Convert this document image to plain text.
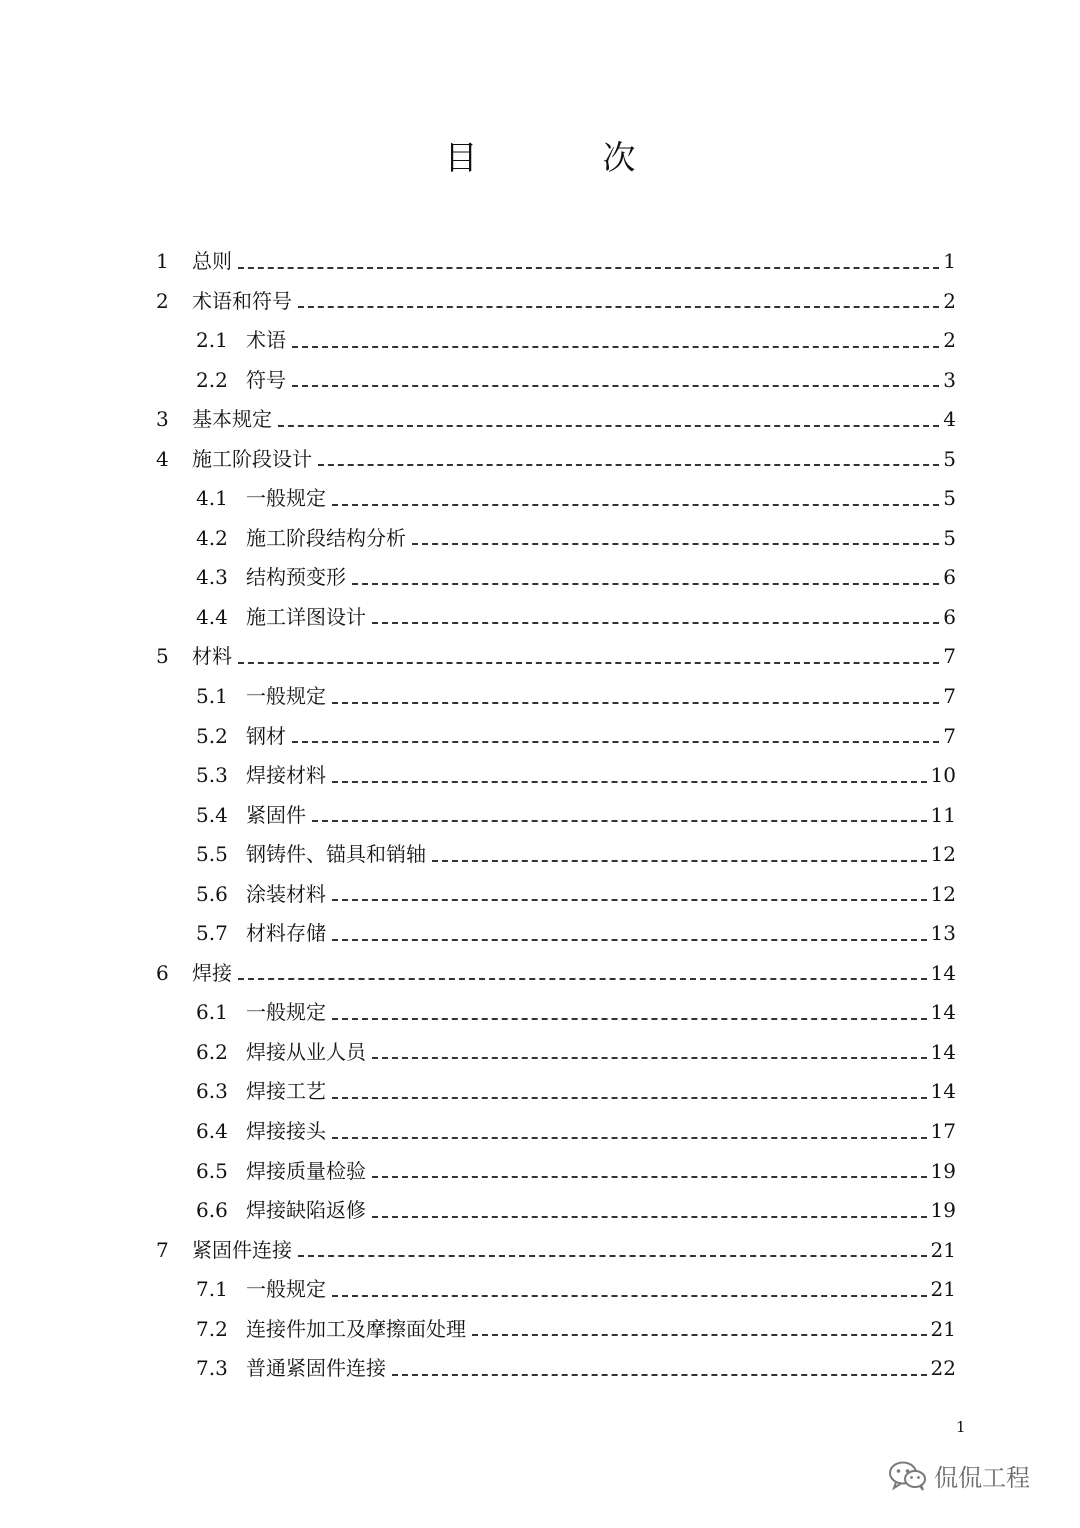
目　次
1	总则	1
2	术语和符号	2
2.1 术语	2
2.2 符号	3
3	基本规定	4
4	施工阶段设计	5
4.1 一般规定	5
4.2 施工阶段结构分析	5
4.3 结构预变形	6
4.4 施工详图设计	6
5	材料	7
5.1 一般规定	7
5.2 钢材	7
5.3 焊接材料	10
5.4 紧固件	11
5.5 钢铸件、锚具和销轴	12
5.6 涂装材料	12
5.7 材料存储	13
6	焊接	14
6.1 一般规定	14
6.2 焊接从业人员	14
6.3 焊接工艺	14
6.4 焊接接头	17
6.5 焊接质量检验	19
6.6 焊接缺陷返修	19
7	紧固件连接	21
7.1 一般规定	21
7.2 连接件加工及摩擦面处理	21
7.3 普通紧固件连接	22
1
侃侃工程
